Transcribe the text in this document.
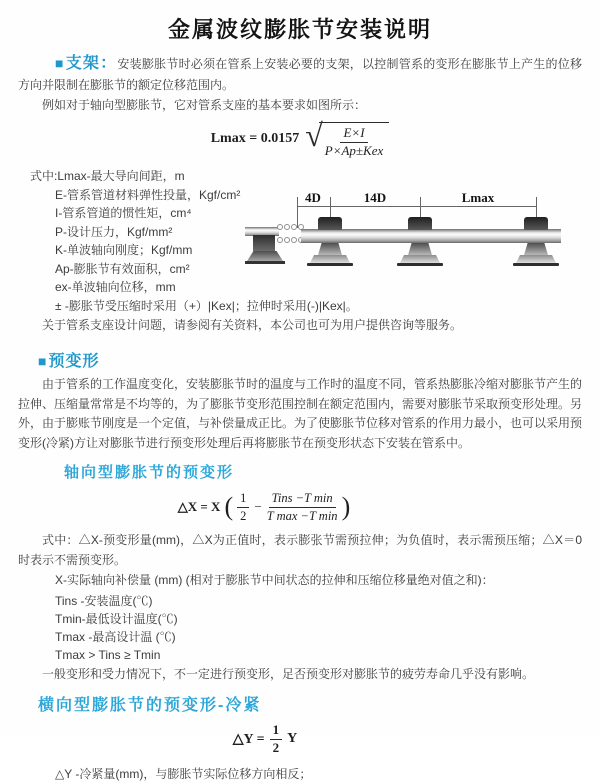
金属波纹膨胀节安装说明

■支架：安装膨胀节时必须在管系上安装必要的支架，以控制管系的变形在膨胀节上产生的位移方向并限制在膨胀节的额定位移范围内。

例如对于轴向型膨胀节，它对管系支座的基本要求如图所示：

Lmax = 0.0157 √ $\frac{E\times I}{\text{P×Ap±Kex}}$
式中:Lmax-最大导向间距，m
E-管系管道材料弹性投量，Kgf/cm²
I-管系管道的惯性矩，cm⁴
P-设计压力，Kgf/mm²
K-单波轴向刚度；Kgf/mm
Ap-膨胀节有效面积，cm²
ex-单波轴向位移，mm
± -膨胀节受压缩时采用（+）|Kex|；拉伸时采用(-)|Kex|。

关于管系支座设计问题，请参阅有关资料，本公司也可为用户提供咨询等服务。

4D	14D	Lmax
■预变形

由于管系的工作温度变化，安装膨胀节时的温度与工作时的温度不同，管系热膨胀冷缩对膨胀节产生的拉伸、压缩量常常是不均等的，为了膨胀节变形范围控制在额定范围内，需要对膨胀节采取预变形处理。另外，由于膨账节刚度是一个定值，与补偿量成正比。为了使膨胀节位移对管系的作用力最小，也可以采用预变形(冷紧)方让对膨胀节进行预变形处理后再将膨胀节在预变形状态下安装在管系中。

轴向型膨胀节的预变形
△X = X ( $\frac{1}{2} - \frac{\text{Tins −T min}}{\text{T max −T min}}$ )

式中：△X-预变形量(mm)，△X为正值时，表示膨张节需预拉伸；为负值时，表示需预压缩；△X＝0时表示不需预变形。

X-实际轴向补偿量 (mm) (相对于膨胀节中间状态的拉伸和压缩位移量绝对值之和)：

Tins -安装温度(℃)
Tmin-最低设计温度(℃)
Tmax -最高设计温 (℃)
Tmax > Tins ≥ Tmin

一般变形和受力情况下，不一定进行预变形，足否预变形对膨胀节的疲劳寿命几乎没有影响。

横向型膨胀节的预变形-冷紧
△Y = $\frac{1}{2}$ Y

△Y -冷紧量(mm)，与膨胀节实际位移方向相反；
